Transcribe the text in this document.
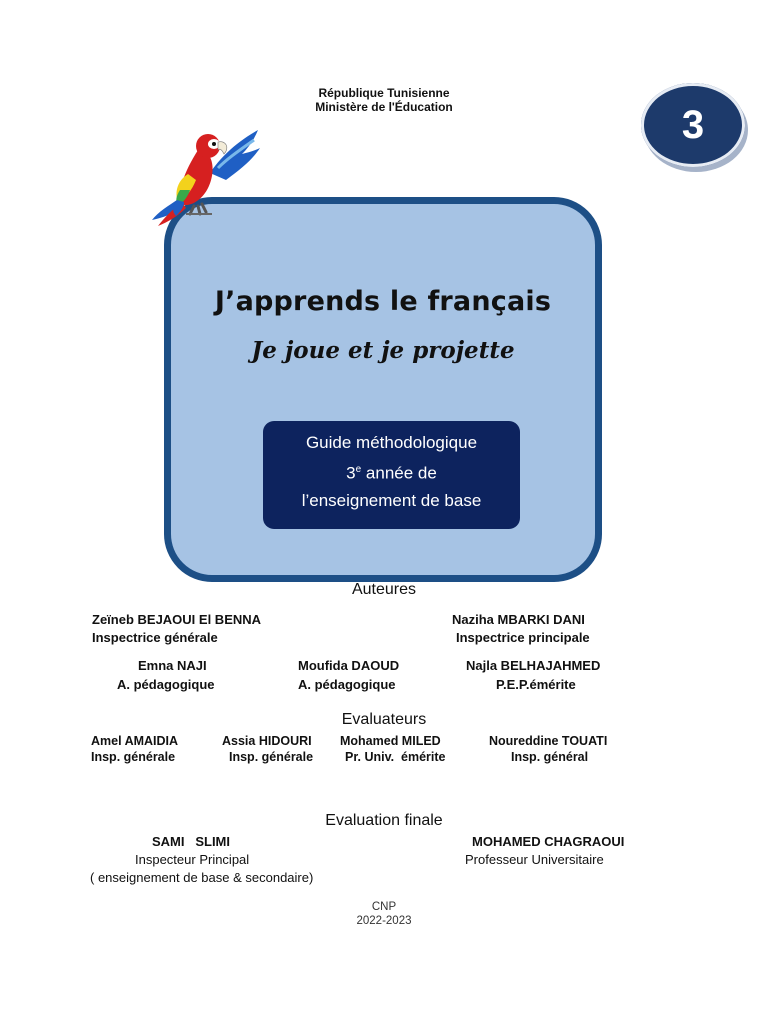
République Tunisienne
Ministère de l'Éducation	3
J’apprends le français
Je joue et je projette
Guide méthodologique
3e année de
l’enseignement de base
Auteures
Zeïneb BEJAOUI El BENNA
Inspectrice générale
Naziha MBARKI DANI
Inspectrice principale
Emna NAJI
A. pédagogique
Moufida DAOUD
A. pédagogique
Najla BELHAJAHMED
P.E.P.émérite
Evaluateurs
Amel AMAIDIA
Insp. générale
Assia HIDOURI
Insp. générale
Mohamed MILED
Pr. Univ.  émérite
Noureddine TOUATI
Insp. général
Evaluation finale
SAMI   SLIMI
Inspecteur Principal
( enseignement de base & secondaire)
MOHAMED CHAGRAOUI
Professeur Universitaire
CNP
2022-2023
